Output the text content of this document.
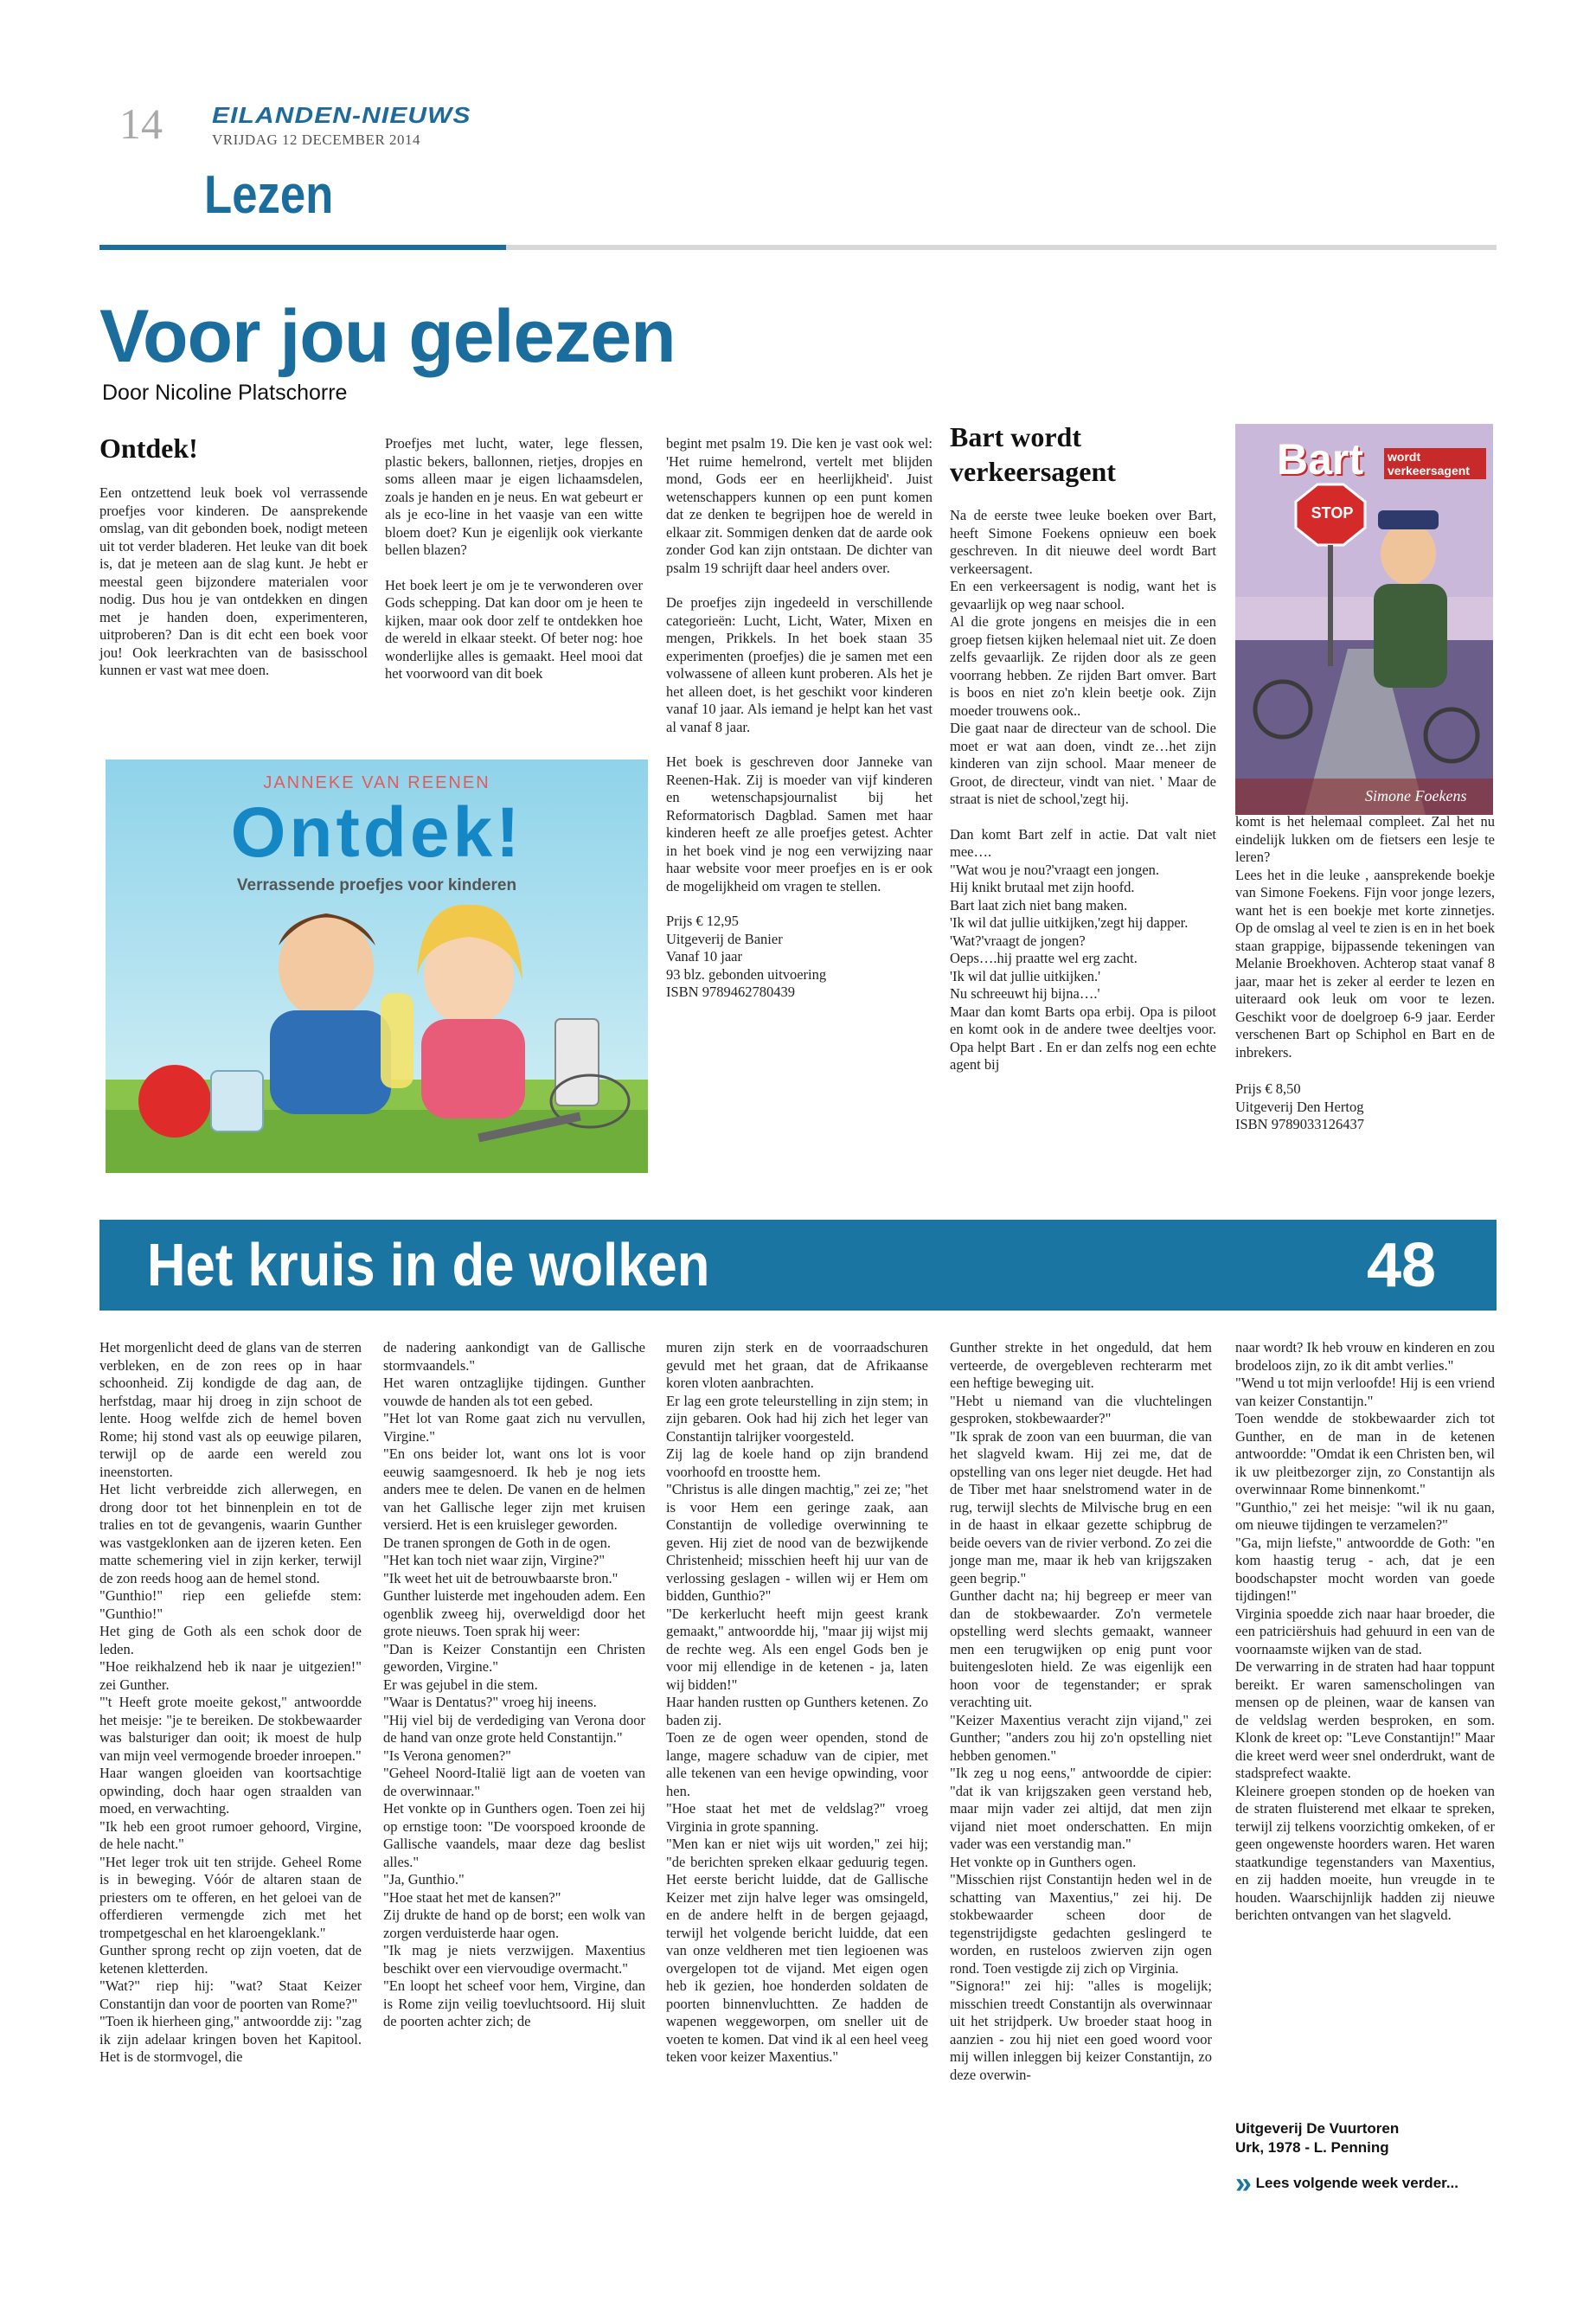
14 EILANDEN-NIEUWS
VRIJDAG 12 DECEMBER 2014
Lezen
Voor jou gelezen
Door Nicoline Platschorre
Ontdek!

Een ontzettend leuk boek vol verrassende proefjes voor kinderen. De aansprekende omslag, van dit gebonden boek, nodigt meteen uit tot verder bladeren. Het leuke van dit boek is, dat je meteen aan de slag kunt. Je hebt er meestal geen bijzondere materialen voor nodig. Dus hou je van ontdekken en dingen met je handen doen, experimenteren, uitproberen? Dan is dit echt een boek voor jou! Ook leerkrachten van de basisschool kunnen er vast wat mee doen.

Proefjes met lucht, water, lege flessen, plastic bekers, ballonnen, rietjes, dropjes en soms alleen maar je eigen lichaamsdelen, zoals je handen en je neus. En wat gebeurt er als je eco-line in het vaasje van een witte bloem doet? Kun je eigenlijk ook vierkante bellen blazen?

Het boek leert je om je te verwonderen over Gods schepping. Dat kan door om je heen te kijken, maar ook door zelf te ontdekken hoe de wereld in elkaar steekt. Of beter nog: hoe wonderlijke alles is gemaakt. Heel mooi dat het voorwoord van dit boek

begint met psalm 19. Die ken je vast ook wel: 'Het ruime hemelrond, vertelt met blijden mond, Gods eer en heerlijkheid'. Juist wetenschappers kunnen op een punt komen dat ze denken te begrijpen hoe de wereld in elkaar zit. Sommigen denken dat de aarde ook zonder God kan zijn ontstaan. De dichter van psalm 19 schrijft daar heel anders over.

De proefjes zijn ingedeeld in verschillende categorieën: Lucht, Licht, Water, Mixen en mengen, Prikkels. In het boek staan 35 experimenten (proefjes) die je samen met een volwassene of alleen kunt proberen. Als het je het alleen doet, is het geschikt voor kinderen vanaf 10 jaar. Als iemand je helpt kan het vast al vanaf 8 jaar.

Het boek is geschreven door Janneke van Reenen-Hak. Zij is moeder van vijf kinderen en wetenschapsjournalist bij het Reformatorisch Dagblad. Samen met haar kinderen heeft ze alle proefjes getest. Achter in het boek vind je nog een verwijzing naar haar website voor meer proefjes en is er ook de mogelijkheid om vragen te stellen.

Prijs € 12,95
Uitgeverij de Banier
Vanaf 10 jaar
93 blz. gebonden uitvoering
ISBN 9789462780439

JANNEKE VAN REENEN
Ontdek!
Verrassende proefjes voor kinderen
Bart wordt verkeersagent

Na de eerste twee leuke boeken over Bart, heeft Simone Foekens opnieuw een boek geschreven. In dit nieuwe deel wordt Bart verkeersagent.

En een verkeersagent is nodig, want het is gevaarlijk op weg naar school.

Al die grote jongens en meisjes die in een groep fietsen kijken helemaal niet uit. Ze doen zelfs gevaarlijk. Ze rijden door als ze geen voorrang hebben. Ze rijden Bart omver. Bart is boos en niet zo'n klein beetje ook. Zijn moeder trouwens ook..

Die gaat naar de directeur van de school. Die moet er wat aan doen, vindt ze…het zijn kinderen van zijn school. Maar meneer de Groot, de directeur, vindt van niet. ' Maar de straat is niet de school,'zegt hij.

Dan komt Bart zelf in actie. Dat valt niet mee….

"Wat wou je nou?'vraagt een jongen.

Hij knikt brutaal met zijn hoofd.

Bart laat zich niet bang maken.

'Ik wil dat jullie uitkijken,'zegt hij dapper.

'Wat?'vraagt de jongen?

Oeps….hij praatte wel erg zacht.

'Ik wil dat jullie uitkijken.'

Nu schreeuwt hij bijna….'

Maar dan komt Barts opa erbij. Opa is piloot en komt ook in de andere twee deeltjes voor. Opa helpt Bart . En er dan zelfs nog een echte agent bij

Bart wordt verkeersagent
STOP
Simone Foekens

komt is het helemaal compleet. Zal het nu eindelijk lukken om de fietsers een lesje te leren?

Lees het in die leuke , aansprekende boekje van Simone Foekens. Fijn voor jonge lezers, want het is een boekje met korte zinnetjes. Op de omslag al veel te zien is en in het boek staan grappige, bijpassende tekeningen van Melanie Broekhoven. Achterop staat vanaf 8 jaar, maar het is zeker al eerder te lezen en uiteraard ook leuk om voor te lezen. Geschikt voor de doelgroep 6-9 jaar. Eerder verschenen Bart op Schiphol en Bart en de inbrekers.

Prijs € 8,50
Uitgeverij Den Hertog
ISBN 9789033126437

Het kruis in de wolken	48

Het morgenlicht deed de glans van de sterren verbleken, en de zon rees op in haar schoonheid. Zij kondigde de dag aan, de herfstdag, maar hij droeg in zijn schoot de lente. Hoog welfde zich de hemel boven Rome; hij stond vast als op eeuwige pilaren, terwijl op de aarde een wereld zou ineenstorten.

Het licht verbreidde zich allerwegen, en drong door tot het binnenplein en tot de tralies en tot de gevangenis, waarin Gunther was vastgeklonken aan de ijzeren keten. Een matte schemering viel in zijn kerker, terwijl de zon reeds hoog aan de hemel stond.

"Gunthio!" riep een geliefde stem: "Gunthio!"

Het ging de Goth als een schok door de leden.

"Hoe reikhalzend heb ik naar je uitgezien!" zei Gunther.

"'t Heeft grote moeite gekost," antwoordde het meisje: "je te bereiken. De stokbewaarder was balsturiger dan ooit; ik moest de hulp van mijn veel vermogende broeder inroepen."

Haar wangen gloeiden van koortsachtige opwinding, doch haar ogen straalden van moed, en verwachting.

"Ik heb een groot rumoer gehoord, Virgine, de hele nacht."

"Het leger trok uit ten strijde. Geheel Rome is in beweging. Vóór de altaren staan de priesters om te offeren, en het geloei van de offerdieren vermengde zich met het trompetgeschal en het klaroengeklank."

Gunther sprong recht op zijn voeten, dat de ketenen kletterden.

"Wat?" riep hij: "wat? Staat Keizer Constantijn dan voor de poorten van Rome?"

"Toen ik hierheen ging," antwoordde zij: "zag ik zijn adelaar kringen boven het Kapitool. Het is de stormvogel, die

de nadering aankondigt van de Gallische stormvaandels."

Het waren ontzaglijke tijdingen. Gunther vouwde de handen als tot een gebed.

"Het lot van Rome gaat zich nu vervullen, Virgine."

"En ons beider lot, want ons lot is voor eeuwig saamgesnoerd. Ik heb je nog iets anders mee te delen. De vanen en de helmen van het Gallische leger zijn met kruisen versierd. Het is een kruisleger geworden.

De tranen sprongen de Goth in de ogen.

"Het kan toch niet waar zijn, Virgine?"

"Ik weet het uit de betrouwbaarste bron."

Gunther luisterde met ingehouden adem. Een ogenblik zweeg hij, overweldigd door het grote nieuws. Toen sprak hij weer:

"Dan is Keizer Constantijn een Christen geworden, Virgine."

Er was gejubel in die stem.

"Waar is Dentatus?" vroeg hij ineens.

"Hij viel bij de verdediging van Verona door de hand van onze grote held Constantijn."

"Is Verona genomen?"

"Geheel Noord-Italië ligt aan de voeten van de overwinnaar."

Het vonkte op in Gunthers ogen. Toen zei hij op ernstige toon: "De voorspoed kroonde de Gallische vaandels, maar deze dag beslist alles."

"Ja, Gunthio."

"Hoe staat het met de kansen?"

Zij drukte de hand op de borst; een wolk van zorgen verduisterde haar ogen.

"Ik mag je niets verzwijgen. Maxentius beschikt over een viervoudige overmacht."

"En loopt het scheef voor hem, Virgine, dan is Rome zijn veilig toevluchtsoord. Hij sluit de poorten achter zich; de

muren zijn sterk en de voorraadschuren gevuld met het graan, dat de Afrikaanse koren vloten aanbrachten.

Er lag een grote teleurstelling in zijn stem; in zijn gebaren. Ook had hij zich het leger van Constantijn talrijker voorgesteld.

Zij lag de koele hand op zijn brandend voorhoofd en troostte hem.

"Christus is alle dingen machtig," zei ze; "het is voor Hem een geringe zaak, aan Constantijn de volledige overwinning te geven. Hij ziet de nood van de bezwijkende Christenheid; misschien heeft hij uur van de verlossing geslagen - willen wij er Hem om bidden, Gunthio?"

"De kerkerlucht heeft mijn geest krank gemaakt," antwoordde hij, "maar jij wijst mij de rechte weg. Als een engel Gods ben je voor mij ellendige in de ketenen - ja, laten wij bidden!"

Haar handen rustten op Gunthers ketenen. Zo baden zij.

Toen ze de ogen weer openden, stond de lange, magere schaduw van de cipier, met alle tekenen van een hevige opwinding, voor hen.

"Hoe staat het met de veldslag?" vroeg Virginia in grote spanning.

"Men kan er niet wijs uit worden," zei hij; "de berichten spreken elkaar geduurig tegen. Het eerste bericht luidde, dat de Gallische Keizer met zijn halve leger was omsingeld, en de andere helft in de bergen gejaagd, terwijl het volgende bericht luidde, dat een van onze veldheren met tien legioenen was overgelopen tot de vijand. Met eigen ogen heb ik gezien, hoe honderden soldaten de poorten binnenvluchtten. Ze hadden de wapenen weggeworpen, om sneller uit de voeten te komen. Dat vind ik al een heel veeg teken voor keizer Maxentius."

Gunther strekte in het ongeduld, dat hem verteerde, de overgebleven rechterarm met een heftige beweging uit.

"Hebt u niemand van die vluchtelingen gesproken, stokbewaarder?"

"Ik sprak de zoon van een buurman, die van het slagveld kwam. Hij zei me, dat de opstelling van ons leger niet deugde. Het had de Tiber met haar snelstromend water in de rug, terwijl slechts de Milvische brug en een in de haast in elkaar gezette schipbrug de beide oevers van de rivier verbond. Zo zei die jonge man me, maar ik heb van krijgszaken geen begrip."

Gunther dacht na; hij begreep er meer van dan de stokbewaarder. Zo'n vermetele opstelling werd slechts gemaakt, wanneer men een terugwijken op enig punt voor buitengesloten hield. Ze was eigenlijk een hoon voor de tegenstander; er sprak verachting uit.

"Keizer Maxentius veracht zijn vijand," zei Gunther; "anders zou hij zo'n opstelling niet hebben genomen."

"Ik zeg u nog eens," antwoordde de cipier: "dat ik van krijgszaken geen verstand heb, maar mijn vader zei altijd, dat men zijn vijand niet moet onderschatten. En mijn vader was een verstandig man."

Het vonkte op in Gunthers ogen.

"Misschien rijst Constantijn heden wel in de schatting van Maxentius," zei hij. De stokbewaarder scheen door de tegenstrijdigste gedachten geslingerd te worden, en rusteloos zwierven zijn ogen rond. Toen vestigde zij zich op Virginia.

"Signora!" zei hij: "alles is mogelijk; misschien treedt Constantijn als overwinnaar uit het strijdperk. Uw broeder staat hoog in aanzien - zou hij niet een goed woord voor mij willen inleggen bij keizer Constantijn, zo deze overwin-

naar wordt? Ik heb vrouw en kinderen en zou brodeloos zijn, zo ik dit ambt verlies."

"Wend u tot mijn verloofde! Hij is een vriend van keizer Constantijn."

Toen wendde de stokbewaarder zich tot Gunther, en de man in de ketenen antwoordde: "Omdat ik een Christen ben, wil ik uw pleitbezorger zijn, zo Constantijn als overwinnaar Rome binnenkomt."

"Gunthio," zei het meisje: "wil ik nu gaan, om nieuwe tijdingen te verzamelen?"

"Ga, mijn liefste," antwoordde de Goth: "en kom haastig terug - ach, dat je een boodschapster mocht worden van goede tijdingen!"

Virginia spoedde zich naar haar broeder, die een patriciërshuis had gehuurd in een van de voornaamste wijken van de stad.

De verwarring in de straten had haar toppunt bereikt. Er waren samenscholingen van mensen op de pleinen, waar de kansen van de veldslag werden besproken, en som. Klonk de kreet op: "Leve Constantijn!" Maar die kreet werd weer snel onderdrukt, want de stadsprefect waakte.

Kleinere groepen stonden op de hoeken van de straten fluisterend met elkaar te spreken, terwijl zij telkens voorzichtig omkeken, of er geen ongewenste hoorders waren. Het waren staatkundige tegenstanders van Maxentius, en zij hadden moeite, hun vreugde in te houden. Waarschijnlijk hadden zij nieuwe berichten ontvangen van het slagveld.

Uitgeverij De Vuurtoren
Urk, 1978 - L. Penning
» Lees volgende week verder...
